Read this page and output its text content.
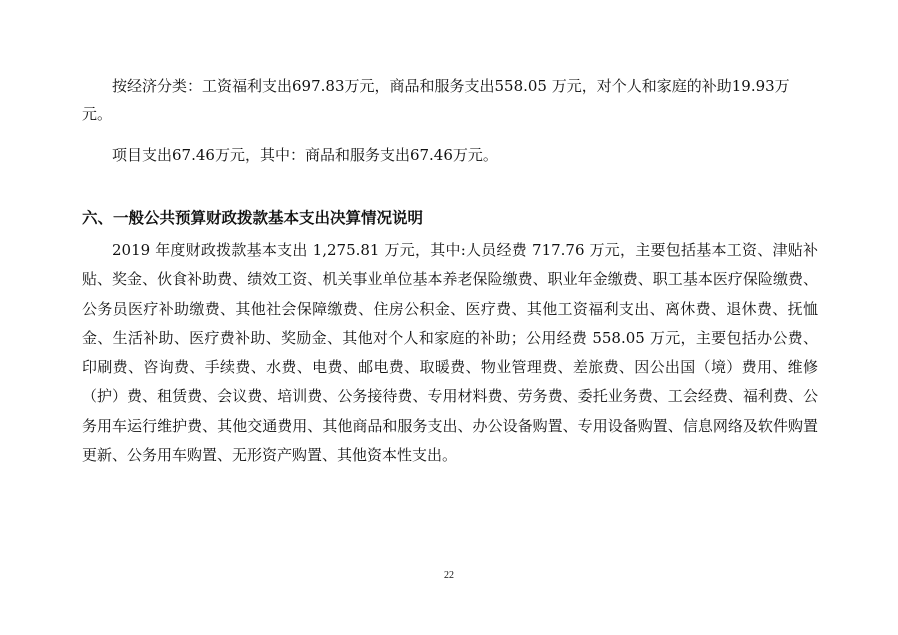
按经济分类：工资福利支出697.83万元，商品和服务支出558.05 万元，对个人和家庭的补助19.93万元。

项目支出67.46万元，其中：商品和服务支出67.46万元。

六、一般公共预算财政拨款基本支出决算情况说明

2019 年度财政拨款基本支出 1,275.81 万元，其中:人员经费 717.76 万元，主要包括基本工资、津贴补贴、奖金、伙食补助费、绩效工资、机关事业单位基本养老保险缴费、职业年金缴费、职工基本医疗保险缴费、公务员医疗补助缴费、其他社会保障缴费、住房公积金、医疗费、其他工资福利支出、离休费、退休费、抚恤金、生活补助、医疗费补助、奖励金、其他对个人和家庭的补助；公用经费 558.05 万元，主要包括办公费、印刷费、咨询费、手续费、水费、电费、邮电费、取暖费、物业管理费、差旅费、因公出国（境）费用、维修（护）费、租赁费、会议费、培训费、公务接待费、专用材料费、劳务费、委托业务费、工会经费、福利费、公务用车运行维护费、其他交通费用、其他商品和服务支出、办公设备购置、专用设备购置、信息网络及软件购置更新、公务用车购置、无形资产购置、其他资本性支出。

22
